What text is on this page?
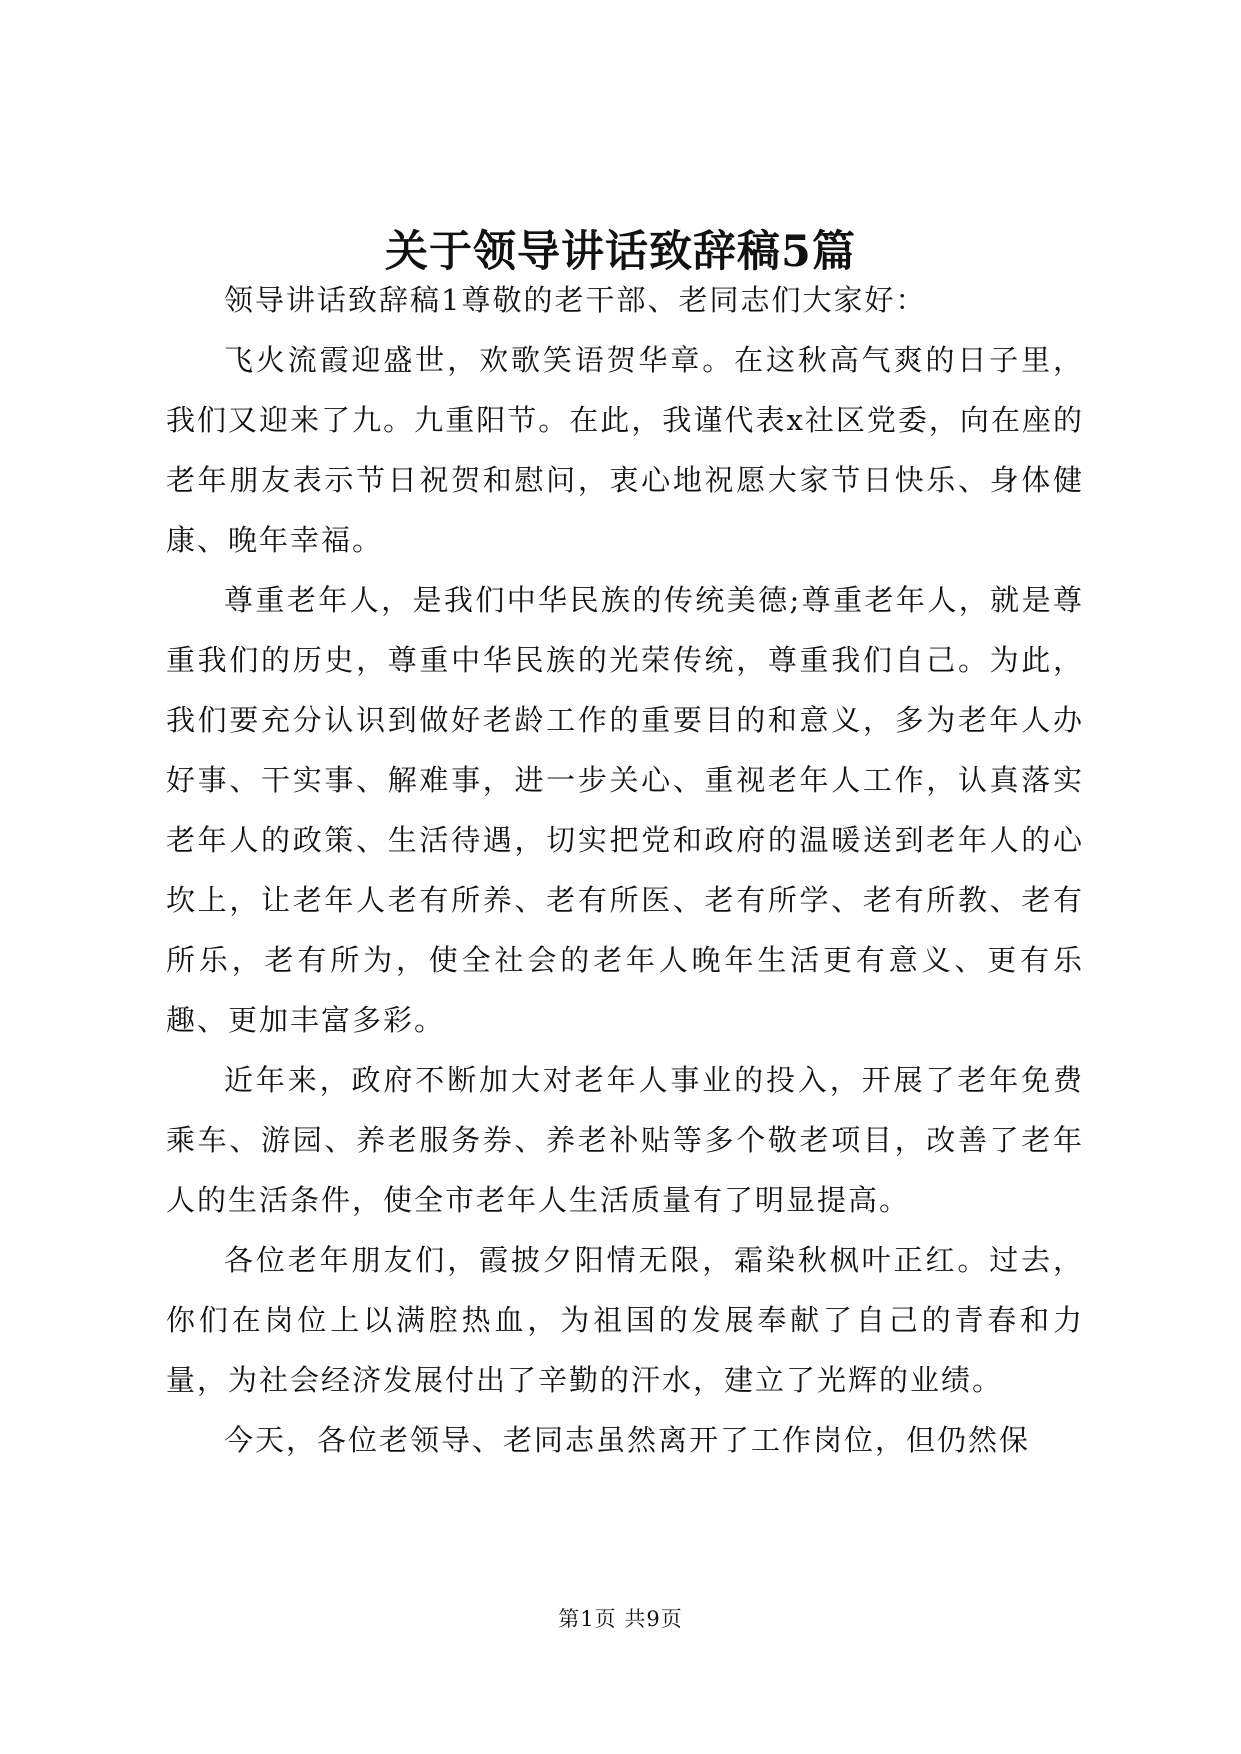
关于领导讲话致辞稿5篇

领导讲话致辞稿1尊敬的老干部、老同志们大家好：

飞火流霞迎盛世，欢歌笑语贺华章。在这秋高气爽的日子里，我们又迎来了九。九重阳节。在此，我谨代表x社区党委，向在座的老年朋友表示节日祝贺和慰问，衷心地祝愿大家节日快乐、身体健康、晚年幸福。

尊重老年人，是我们中华民族的传统美德;尊重老年人，就是尊重我们的历史，尊重中华民族的光荣传统，尊重我们自己。为此，我们要充分认识到做好老龄工作的重要目的和意义，多为老年人办好事、干实事、解难事，进一步关心、重视老年人工作，认真落实老年人的政策、生活待遇，切实把党和政府的温暖送到老年人的心坎上，让老年人老有所养、老有所医、老有所学、老有所教、老有所乐，老有所为，使全社会的老年人晚年生活更有意义、更有乐趣、更加丰富多彩。

近年来，政府不断加大对老年人事业的投入，开展了老年免费乘车、游园、养老服务券、养老补贴等多个敬老项目，改善了老年人的生活条件，使全市老年人生活质量有了明显提高。

各位老年朋友们，霞披夕阳情无限，霜染秋枫叶正红。过去，你们在岗位上以满腔热血，为祖国的发展奉献了自己的青春和力量，为社会经济发展付出了辛勤的汗水，建立了光辉的业绩。

今天，各位老领导、老同志虽然离开了工作岗位，但仍然保

第1页 共9页
